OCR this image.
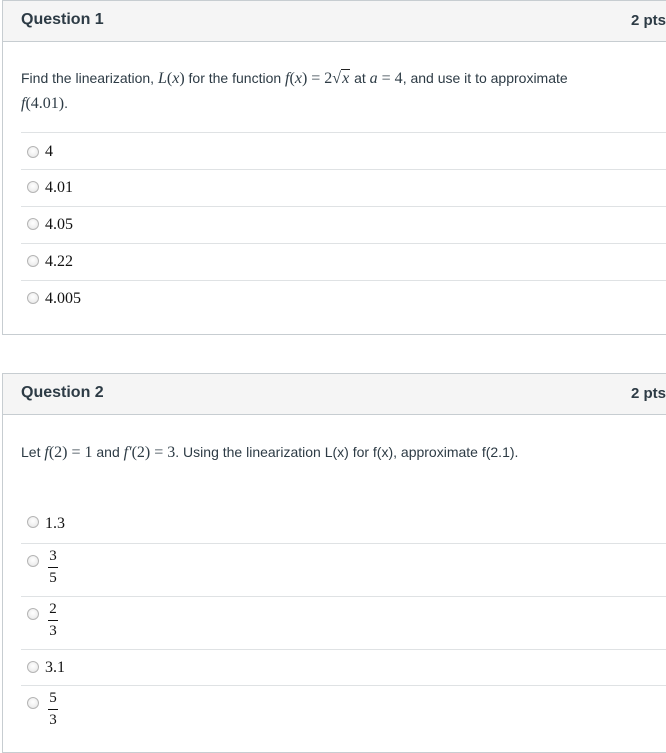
Question 1	2 pts
Find the linearization, L(x) for the function f(x) = 2√x at a = 4, and use it to approximate
f(4.01).
4
4.01
4.05
4.22
4.005
Question 2	2 pts
Let f(2) = 1 and f′(2) = 3. Using the linearization L(x) for f(x), approximate f(2.1).
1.3
3
5
2
3
3.1
5
3
